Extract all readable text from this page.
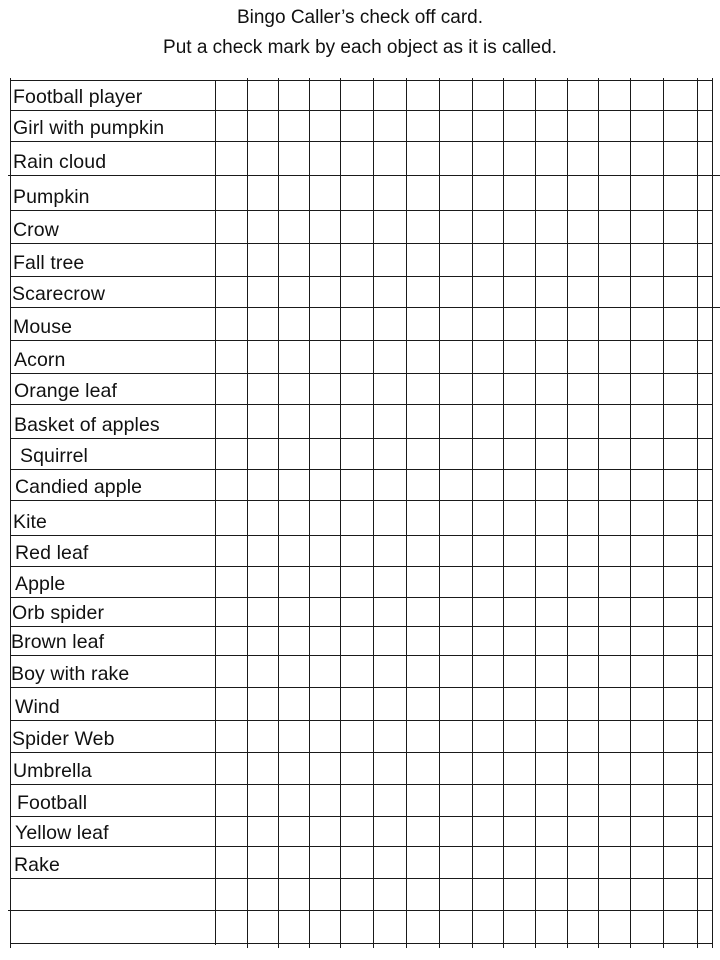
Bingo Caller’s check off card.
Put a check mark by each object as it is called.
Football player
Girl with pumpkin
Rain cloud
Pumpkin
Crow
Fall tree
Scarecrow
Mouse
Acorn
Orange leaf
Basket of apples
Squirrel
Candied apple
Kite
Red leaf
Apple
Orb spider
Brown leaf
Boy with rake
Wind
Spider Web
Umbrella
Football
Yellow leaf
Rake
